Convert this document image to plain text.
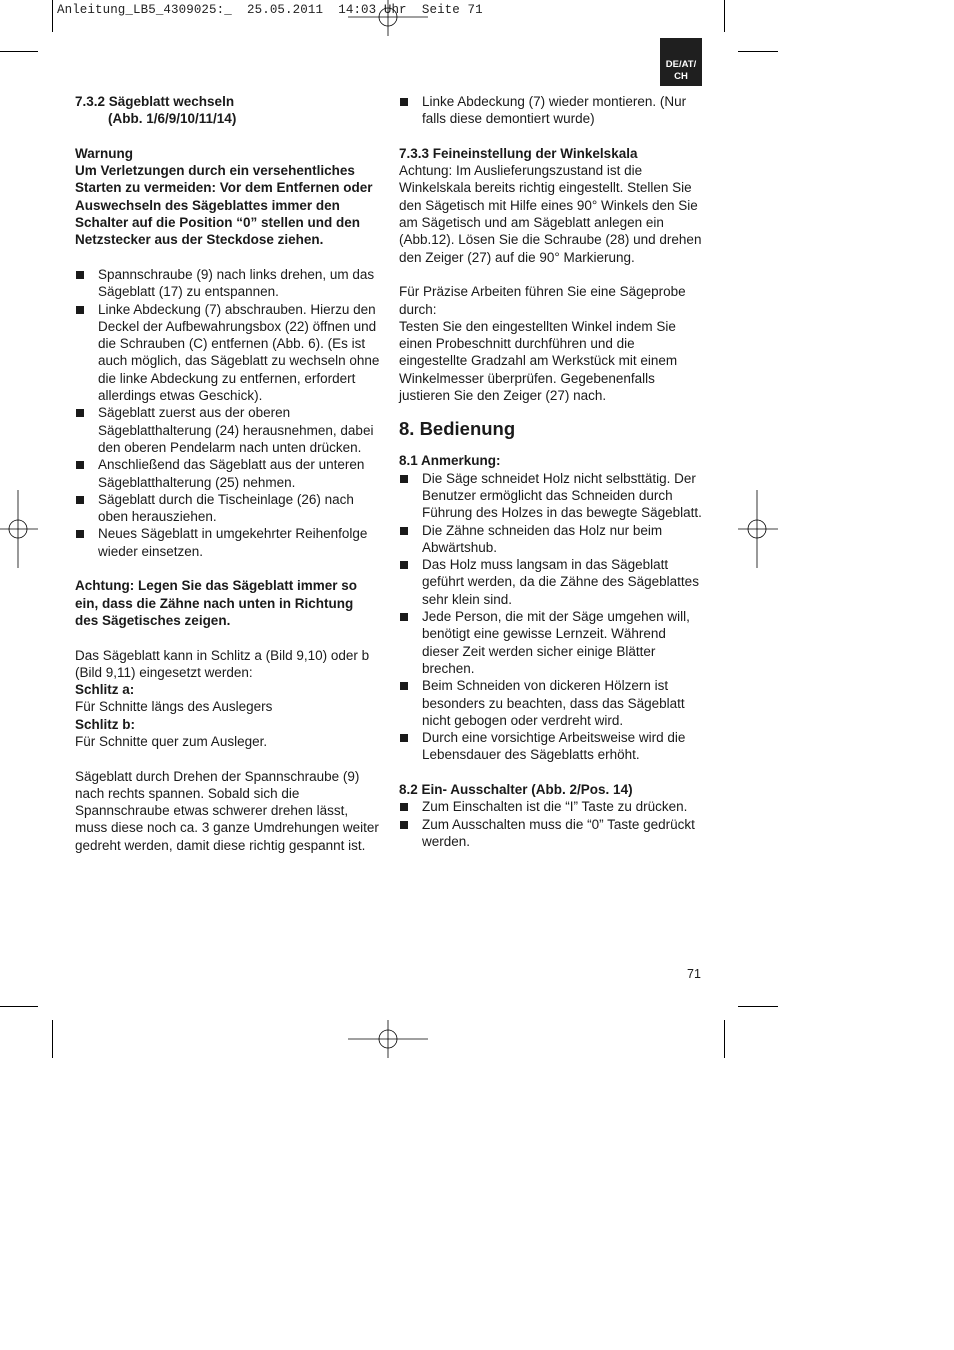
Anleitung_LB5_4309025:_ 25.05.2011 14:03 Uhr Seite 71
DE/AT/
CH

7.3.2 Sägeblatt wechseln

(Abb. 1/6/9/10/11/14)

Warnung

Um Verletzungen durch ein versehentliches Starten zu vermeiden: Vor dem Entfernen oder Auswechseln des Sägeblattes immer den Schalter auf die Position “0” stellen und den Netzstecker aus der Steckdose ziehen.

Spannschraube (9) nach links drehen, um das Sägeblatt (17) zu entspannen.
Linke Abdeckung (7) abschrauben. Hierzu den Deckel der Aufbewahrungsbox (22) öffnen und die Schrauben (C) entfernen (Abb. 6). (Es ist auch möglich, das Sägeblatt zu wechseln ohne die linke Abdeckung zu entfernen, erfordert allerdings etwas Geschick).
Sägeblatt zuerst aus der oberen Sägeblatthalterung (24) herausnehmen, dabei den oberen Pendelarm nach unten drücken.
Anschließend das Sägeblatt aus der unteren Sägeblatthalterung (25) nehmen.
Sägeblatt durch die Tischeinlage (26) nach oben herausziehen.
Neues Sägeblatt in umgekehrter Reihenfolge wieder einsetzen.

Achtung: Legen Sie das Sägeblatt immer so ein, dass die Zähne nach unten in Richtung des Sägetisches zeigen.

Das Sägeblatt kann in Schlitz a (Bild 9,10) oder b (Bild 9,11) eingesetzt werden:

Schlitz a:

Für Schnitte längs des Auslegers

Schlitz b:

Für Schnitte quer zum Ausleger.

Sägeblatt durch Drehen der Spannschraube (9) nach rechts spannen. Sobald sich die Spannschraube etwas schwerer drehen lässt, muss diese noch ca. 3 ganze Umdrehungen weiter gedreht werden, damit diese richtig gespannt ist.

Linke Abdeckung (7) wieder montieren. (Nur falls diese demontiert wurde)

7.3.3 Feineinstellung der Winkelskala

Achtung: Im Auslieferungszustand ist die Winkelskala bereits richtig eingestellt. Stellen Sie den Sägetisch mit Hilfe eines 90° Winkels den Sie am Sägetisch und am Sägeblatt anlegen ein (Abb.12). Lösen Sie die Schraube (28) und drehen den Zeiger (27) auf die 90° Markierung.

Für Präzise Arbeiten führen Sie eine Sägeprobe durch:

Testen Sie den eingestellten Winkel indem Sie einen Probeschnitt durchführen und die eingestellte Gradzahl am Werkstück mit einem Winkelmesser überprüfen. Gegebenenfalls justieren Sie den Zeiger (27) nach.

8. Bedienung

8.1 Anmerkung:

Die Säge schneidet Holz nicht selbsttätig. Der Benutzer ermöglicht das Schneiden durch Führung des Holzes in das bewegte Sägeblatt.
Die Zähne schneiden das Holz nur beim Abwärtshub.
Das Holz muss langsam in das Sägeblatt geführt werden, da die Zähne des Sägeblattes sehr klein sind.
Jede Person, die mit der Säge umgehen will, benötigt eine gewisse Lernzeit. Während dieser Zeit werden sicher einige Blätter brechen.
Beim Schneiden von dickeren Hölzern ist besonders zu beachten, dass das Sägeblatt nicht gebogen oder verdreht wird.
Durch eine vorsichtige Arbeitsweise wird die Lebensdauer des Sägeblatts erhöht.

8.2 Ein- Ausschalter (Abb. 2/Pos. 14)

Zum Einschalten ist die “I” Taste zu drücken.
Zum Ausschalten muss die “0” Taste gedrückt werden.
71
